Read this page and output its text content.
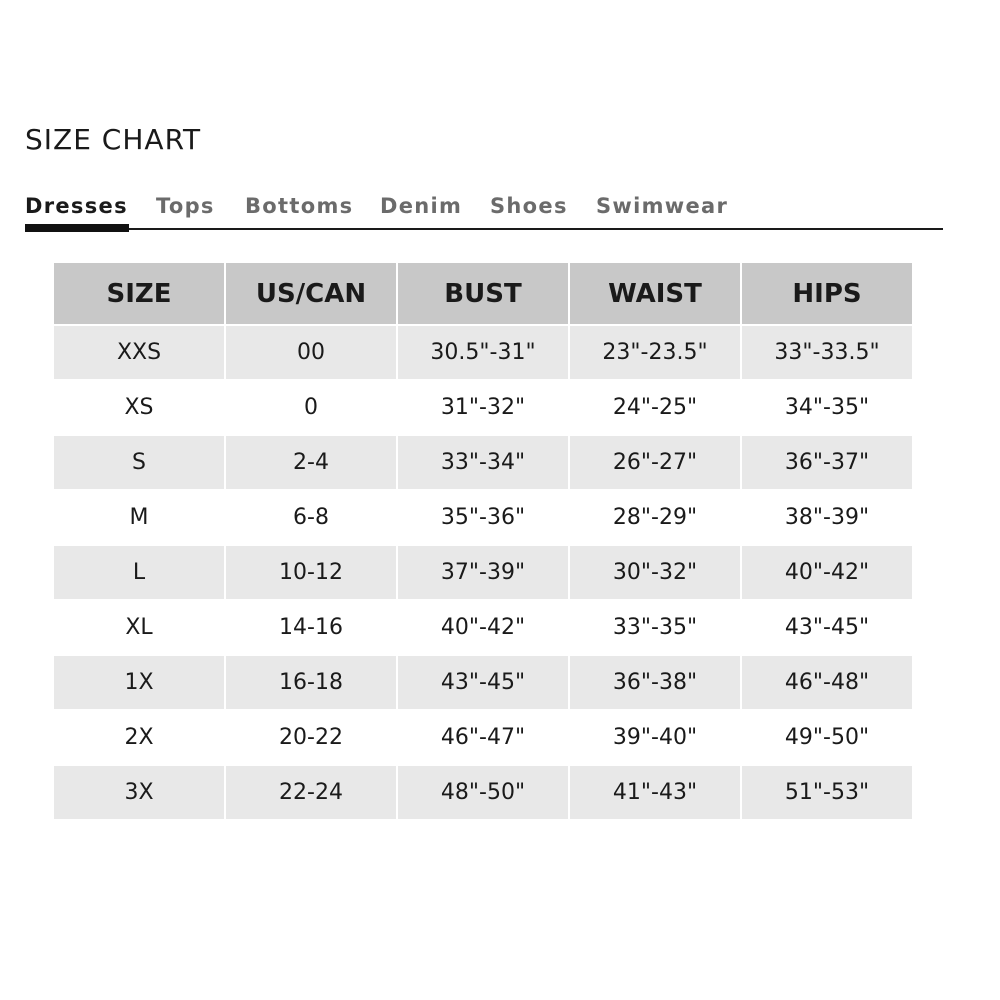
SIZE CHART
Dresses Tops Bottoms Denim Shoes Swimwear
SIZE	US/CAN	BUST	WAIST	HIPS
XXS	00	30.5"-31"	23"-23.5"	33"-33.5"
XS	0	31"-32"	24"-25"	34"-35"
S	2-4	33"-34"	26"-27"	36"-37"
M	6-8	35"-36"	28"-29"	38"-39"
L	10-12	37"-39"	30"-32"	40"-42"
XL	14-16	40"-42"	33"-35"	43"-45"
1X	16-18	43"-45"	36"-38"	46"-48"
2X	20-22	46"-47"	39"-40"	49"-50"
3X	22-24	48"-50"	41"-43"	51"-53"
